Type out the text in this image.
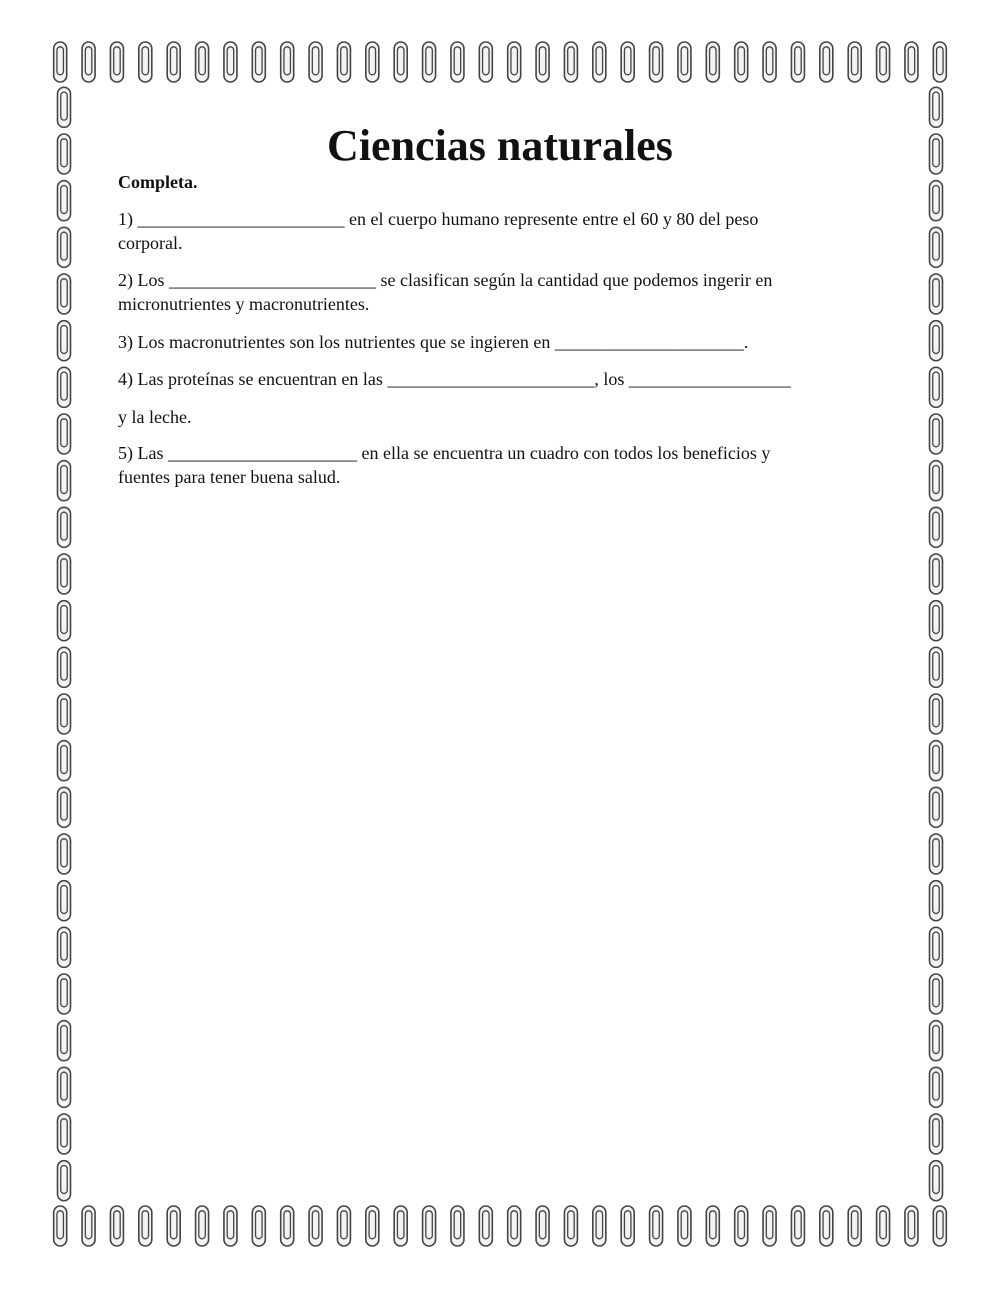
Ciencias naturales
Completa.
1) _______________________ en el cuerpo humano represente entre el 60 y 80 del peso
corporal.
2) Los _______________________ se clasifican según la cantidad que podemos ingerir en
micronutrientes y macronutrientes.
3) Los macronutrientes son los nutrientes que se ingieren en _____________________.
4) Las proteínas se encuentran en las _______________________, los __________________
y la leche.
5) Las _____________________ en ella se encuentra un cuadro con todos los beneficios y
fuentes para tener buena salud.
